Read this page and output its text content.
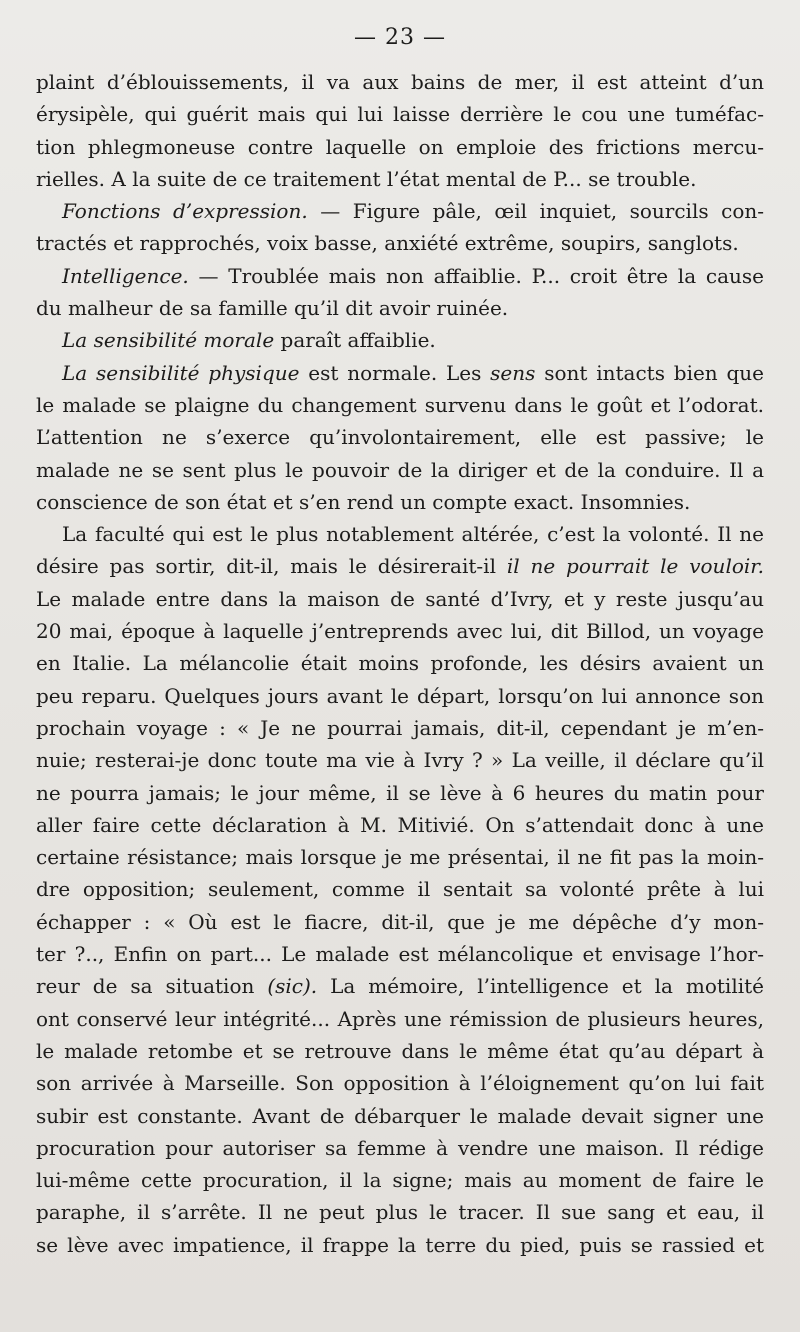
— 23 —
plaint d’éblouissements, il va aux bains de mer, il est atteint d’un
érysipèle, qui guérit mais qui lui laisse derrière le cou une tuméfac-
tion phlegmoneuse contre laquelle on emploie des frictions mercu-
rielles. A la suite de ce traitement l’état mental de P... se trouble.
Fonctions d’expression. — Figure pâle, œil inquiet, sourcils con-
tractés et rapprochés, voix basse, anxiété extrême, soupirs, sanglots.
Intelligence. — Troublée mais non affaiblie. P... croit être la cause
du malheur de sa famille qu’il dit avoir ruinée.
La sensibilité morale paraît affaiblie.
La sensibilité physique est normale. Les sens sont intacts bien que
le malade se plaigne du changement survenu dans le goût et l’odorat.
L’attention ne s’exerce qu’involontairement, elle est passive; le
malade ne se sent plus le pouvoir de la diriger et de la conduire. Il a
conscience de son état et s’en rend un compte exact. Insomnies.
La faculté qui est le plus notablement altérée, c’est la volonté. Il ne
désire pas sortir, dit-il, mais le désirerait-il il ne pourrait le vouloir.
Le malade entre dans la maison de santé d’Ivry, et y reste jusqu’au
20 mai, époque à laquelle j’entreprends avec lui, dit Billod, un voyage
en Italie. La mélancolie était moins profonde, les désirs avaient un
peu reparu. Quelques jours avant le départ, lorsqu’on lui annonce son
prochain voyage : « Je ne pourrai jamais, dit-il, cependant je m’en-
nuie; resterai-je donc toute ma vie à Ivry ? » La veille, il déclare qu’il
ne pourra jamais; le jour même, il se lève à 6 heures du matin pour
aller faire cette déclaration à M. Mitivié. On s’attendait donc à une
certaine résistance; mais lorsque je me présentai, il ne fit pas la moin-
dre opposition; seulement, comme il sentait sa volonté prête à lui
échapper : « Où est le fiacre, dit-il, que je me dépêche d’y mon-
ter ?.., Enfin on part... Le malade est mélancolique et envisage l’hor-
reur de sa situation (sic). La mémoire, l’intelligence et la motilité
ont conservé leur intégrité... Après une rémission de plusieurs heures,
le malade retombe et se retrouve dans le même état qu’au départ à
son arrivée à Marseille. Son opposition à l’éloignement qu’on lui fait
subir est constante. Avant de débarquer le malade devait signer une
procuration pour autoriser sa femme à vendre une maison. Il rédige
lui-même cette procuration, il la signe; mais au moment de faire le
paraphe, il s’arrête. Il ne peut plus le tracer. Il sue sang et eau, il
se lève avec impatience, il frappe la terre du pied, puis se rassied et
